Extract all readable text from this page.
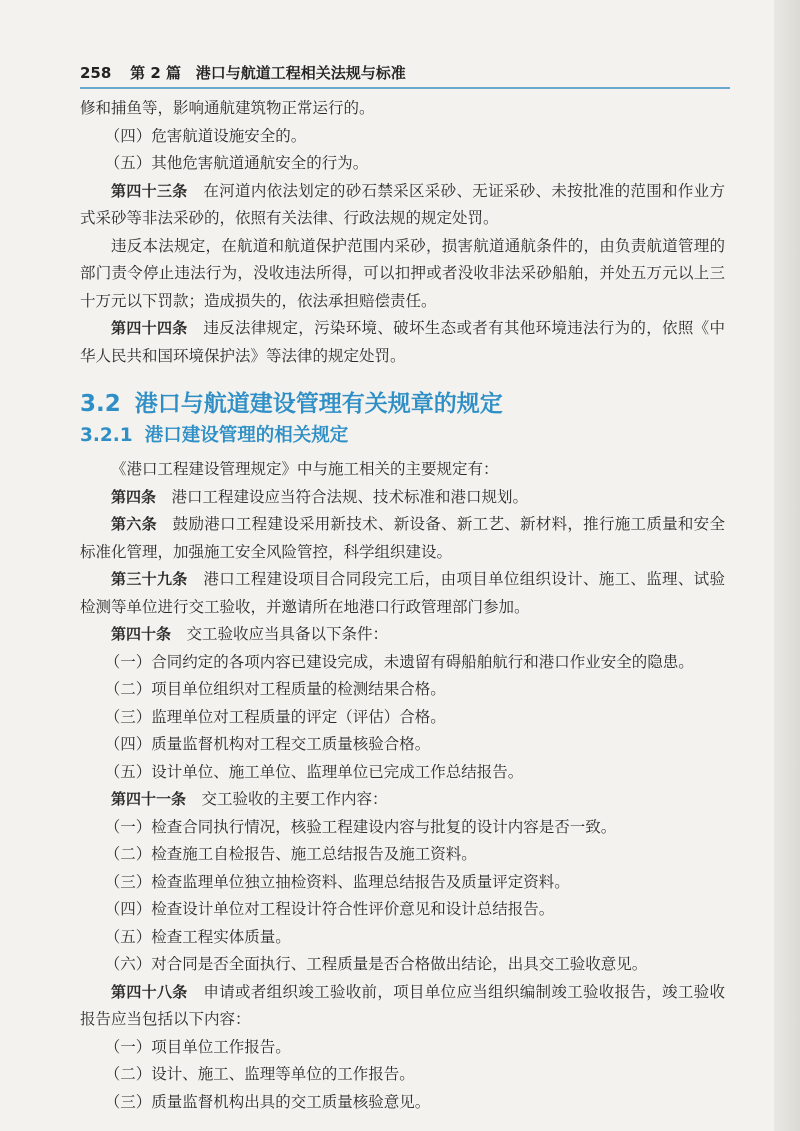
258 第 2 篇 港口与航道工程相关法规与标准

修和捕鱼等，影响通航建筑物正常运行的。

（四）危害航道设施安全的。

（五）其他危害航道通航安全的行为。

第四十三条　 在河道内依法划定的砂石禁采区采砂、无证采砂、未按批准的范围和作业方式采砂等非法采砂的，依照有关法律、行政法规的规定处罚。

违反本法规定，在航道和航道保护范围内采砂，损害航道通航条件的，由负责航道管理的部门责令停止违法行为，没收违法所得，可以扣押或者没收非法采砂船舶，并处五万元以上三十万元以下罚款；造成损失的，依法承担赔偿责任。

第四十四条　 违反法律规定，污染环境、破坏生态或者有其他环境违法行为的，依照《中华人民共和国环境保护法》等法律的规定处罚。

3.2 港口与航道建设管理有关规章的规定
3.2.1 港口建设管理的相关规定

《港口工程建设管理规定》中与施工相关的主要规定有：

第四条　 港口工程建设应当符合法规、技术标准和港口规划。

第六条　 鼓励港口工程建设采用新技术、新设备、新工艺、新材料，推行施工质量和安全标准化管理，加强施工安全风险管控，科学组织建设。

第三十九条　 港口工程建设项目合同段完工后，由项目单位组织设计、施工、监理、试验检测等单位进行交工验收，并邀请所在地港口行政管理部门参加。

第四十条　 交工验收应当具备以下条件：

（一）合同约定的各项内容已建设完成，未遗留有碍船舶航行和港口作业安全的隐患。

（二）项目单位组织对工程质量的检测结果合格。

（三）监理单位对工程质量的评定（评估）合格。

（四）质量监督机构对工程交工质量核验合格。

（五）设计单位、施工单位、监理单位已完成工作总结报告。

第四十一条　 交工验收的主要工作内容：

（一）检查合同执行情况，核验工程建设内容与批复的设计内容是否一致。

（二）检查施工自检报告、施工总结报告及施工资料。

（三）检查监理单位独立抽检资料、监理总结报告及质量评定资料。

（四）检查设计单位对工程设计符合性评价意见和设计总结报告。

（五）检查工程实体质量。

（六）对合同是否全面执行、工程质量是否合格做出结论，出具交工验收意见。

第四十八条　 申请或者组织竣工验收前，项目单位应当组织编制竣工验收报告，竣工验收报告应当包括以下内容：

（一）项目单位工作报告。

（二）设计、施工、监理等单位的工作报告。

（三）质量监督机构出具的交工质量核验意见。
